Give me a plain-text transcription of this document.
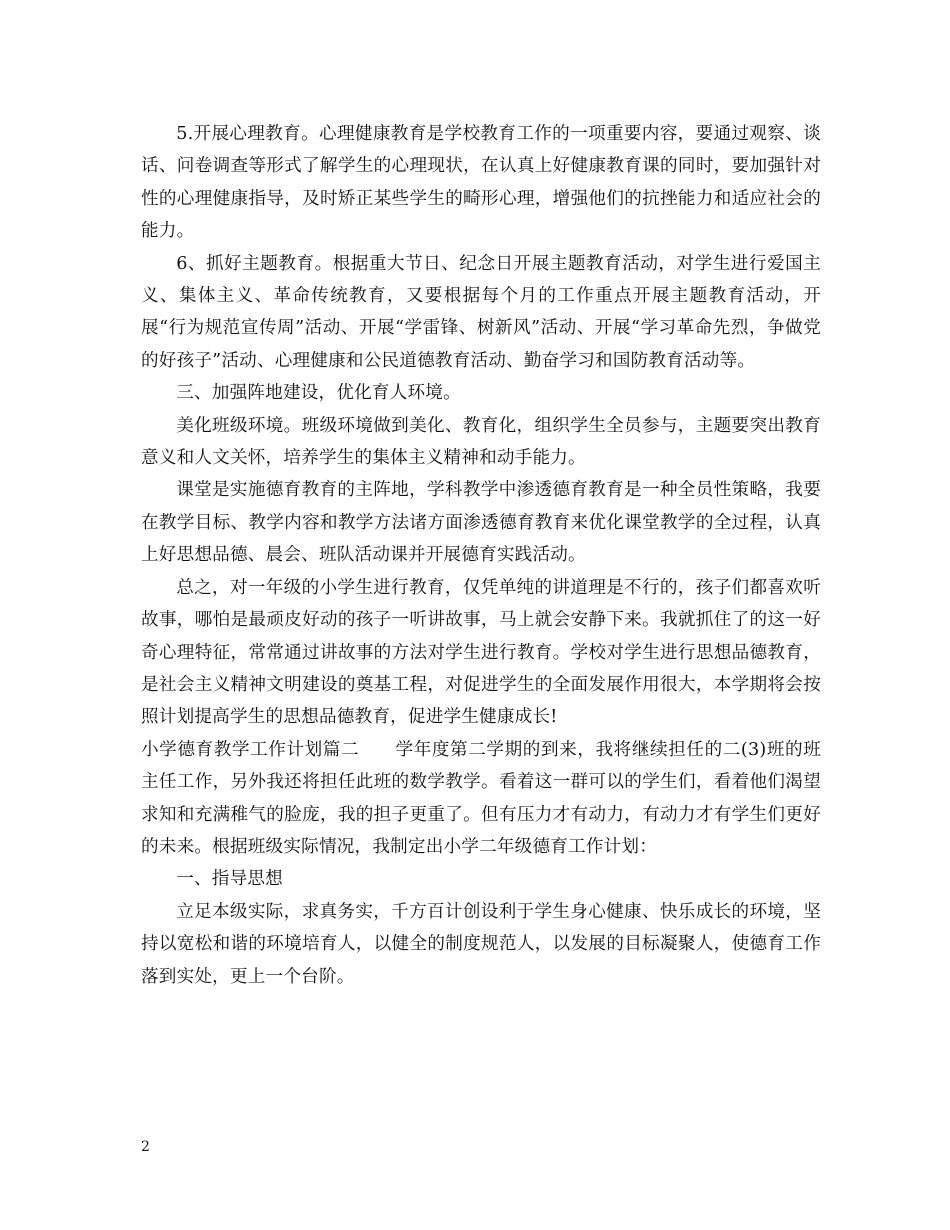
5.开展心理教育。心理健康教育是学校教育工作的一项重要内容，要通过观察、谈话、问卷调查等形式了解学生的心理现状，在认真上好健康教育课的同时，要加强针对性的心理健康指导，及时矫正某些学生的畸形心理，增强他们的抗挫能力和适应社会的能力。

6、抓好主题教育。根据重大节日、纪念日开展主题教育活动，对学生进行爱国主义、集体主义、革命传统教育，又要根据每个月的工作重点开展主题教育活动，开展“行为规范宣传周”活动、开展“学雷锋、树新风”活动、开展“学习革命先烈，争做党的好孩子”活动、心理健康和公民道德教育活动、勤奋学习和国防教育活动等。

三、加强阵地建设，优化育人环境。

美化班级环境。班级环境做到美化、教育化，组织学生全员参与，主题要突出教育意义和人文关怀，培养学生的集体主义精神和动手能力。

课堂是实施德育教育的主阵地，学科教学中渗透德育教育是一种全员性策略，我要在教学目标、教学内容和教学方法诸方面渗透德育教育来优化课堂教学的全过程，认真上好思想品德、晨会、班队活动课并开展德育实践活动。

总之，对一年级的小学生进行教育，仅凭单纯的讲道理是不行的，孩子们都喜欢听故事，哪怕是最顽皮好动的孩子一听讲故事，马上就会安静下来。我就抓住了的这一好奇心理特征，常常通过讲故事的方法对学生进行教育。学校对学生进行思想品德教育，是社会主义精神文明建设的奠基工程，对促进学生的全面发展作用很大，本学期将会按照计划提高学生的思想品德教育，促进学生健康成长!

小学德育教学工作计划篇二　　学年度第二学期的到来，我将继续担任的二(3)班的班主任工作，另外我还将担任此班的数学教学。看着这一群可以的学生们，看着他们渴望求知和充满稚气的脸庞，我的担子更重了。但有压力才有动力，有动力才有学生们更好的未来。根据班级实际情况，我制定出小学二年级德育工作计划：

一、指导思想

立足本级实际，求真务实，千方百计创设利于学生身心健康、快乐成长的环境，坚持以宽松和谐的环境培育人，以健全的制度规范人，以发展的目标凝聚人，使德育工作落到实处，更上一个台阶。

2
